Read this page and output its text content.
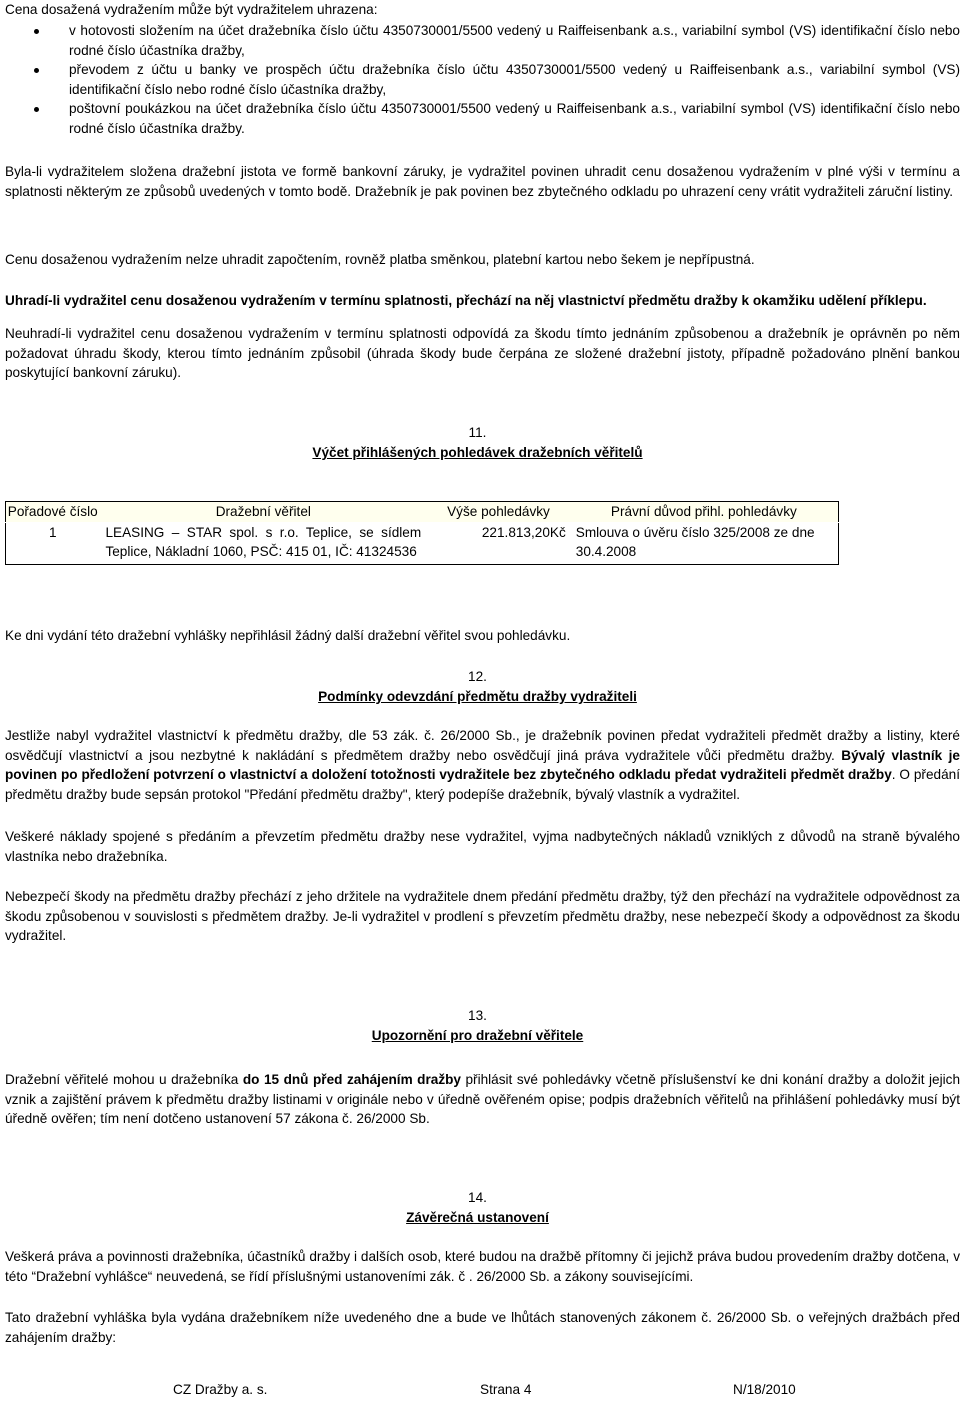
Cena dosažená vydražením může být vydražitelem uhrazena:

v hotovosti složením na účet dražebníka číslo účtu 4350730001/5500 vedený u Raiffeisenbank a.s., variabilní symbol (VS) identifikační číslo nebo rodné číslo účastníka dražby,
převodem z účtu u banky ve prospěch účtu dražebníka číslo účtu 4350730001/5500 vedený u Raiffeisenbank a.s., variabilní symbol (VS) identifikační číslo nebo rodné číslo účastníka dražby,
poštovní poukázkou na účet dražebníka číslo účtu 4350730001/5500 vedený u Raiffeisenbank a.s., variabilní symbol (VS) identifikační číslo nebo rodné číslo účastníka dražby.

Byla-li vydražitelem složena dražební jistota ve formě bankovní záruky, je vydražitel povinen uhradit cenu dosaženou vydražením v plné výši v termínu a splatnosti některým ze způsobů uvedených v tomto bodě. Dražebník je pak povinen bez zbytečného odkladu po uhrazení ceny vrátit vydražiteli záruční listiny.

Cenu dosaženou vydražením nelze uhradit započtením, rovněž platba směnkou, platební kartou nebo šekem je nepřípustná.

Uhradí-li vydražitel cenu dosaženou vydražením v termínu splatnosti, přechází na něj vlastnictví předmětu dražby k okamžiku udělení příklepu.

Neuhradí-li vydražitel cenu dosaženou vydražením v termínu splatnosti odpovídá za škodu tímto jednáním způsobenou a dražebník je oprávněn po něm požadovat úhradu škody, kterou tímto jednáním způsobil (úhrada škody bude čerpána ze složené dražební jistoty, případně požadováno plnění bankou poskytující bankovní záruku).

11.

Výčet přihlášených pohledávek dražebních věřitelů

Pořadové číslo	Dražební věřitel	Výše pohledávky	Právní důvod přihl. pohledávky
1	LEASING – STAR spol. s r.o. Teplice, se sídlem Teplice, Nákladní 1060, PSČ: 415 01, IČ: 41324536	221.813,20Kč	Smlouva o úvěru číslo 325/2008 ze dne 30.4.2008

Ke dni vydání této dražební vyhlášky nepřihlásil žádný další dražební věřitel svou pohledávku.

12.

Podmínky odevzdání předmětu dražby vydražiteli

Jestliže nabyl vydražitel vlastnictví k předmětu dražby, dle 53 zák. č. 26/2000 Sb., je dražebník povinen předat vydražiteli předmět dražby a listiny, které osvědčují vlastnictví a jsou nezbytné k nakládání s předmětem dražby nebo osvědčují jiná práva vydražitele vůči předmětu dražby. Bývalý vlastník je povinen po předložení potvrzení o vlastnictví a doložení totožnosti vydražitele bez zbytečného odkladu předat vydražiteli předmět dražby. O předání předmětu dražby bude sepsán protokol "Předání předmětu dražby", který podepíše dražebník, bývalý vlastník a vydražitel.

Veškeré náklady spojené s předáním a převzetím předmětu dražby nese vydražitel, vyjma nadbytečných nákladů vzniklých z důvodů na straně bývalého vlastníka nebo dražebníka.

Nebezpečí škody na předmětu dražby přechází z jeho držitele na vydražitele dnem předání předmětu dražby, týž den přechází na vydražitele odpovědnost za škodu způsobenou v souvislosti s předmětem dražby. Je-li vydražitel v prodlení s převzetím předmětu dražby, nese nebezpečí škody a odpovědnost za škodu vydražitel.

13.

Upozornění pro dražební věřitele

Dražební věřitelé mohou u dražebníka do 15 dnů před zahájením dražby přihlásit své pohledávky včetně příslušenství ke dni konání dražby a doložit jejich vznik a zajištění právem k předmětu dražby listinami v originále nebo v úředně ověřeném opise; podpis dražebních věřitelů na přihlášení pohledávky musí být úředně ověřen; tím není dotčeno ustanovení 57 zákona č. 26/2000 Sb.

14.

Závěrečná ustanovení

Veškerá práva a povinnosti dražebníka, účastníků dražby i dalších osob, které budou na dražbě přítomny či jejichž práva budou provedením dražby dotčena, v této “Dražební vyhlášce“ neuvedená, se řídí příslušnými ustanoveními zák. č . 26/2000 Sb. a zákony souvisejícími.

Tato dražební vyhláška byla vydána dražebníkem níže uvedeného dne a bude ve lhůtách stanovených zákonem č. 26/2000 Sb. o veřejných dražbách před zahájením dražby:

CZ Dražby a. s.	Strana 4	N/18/2010
